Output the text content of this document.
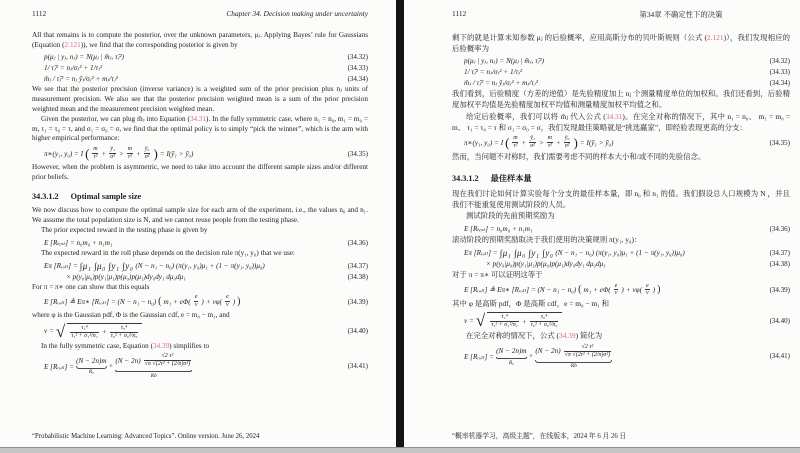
1112	Chapter 34. Decision making under uncertainty
All that remains is to compute the posterior, over the unknown parameters, μⱼ. Applying Bayes’ rule for Gaussians (Equation (2.121)), we find that the corresponding posterior is given by
p(μⱼ | yⱼ, nⱼ) = N(μⱼ | m̂ⱼ, τ̂ⱼ²)	(34.32)
1/ τ̂ⱼ² = nⱼ/σⱼ² + 1/τⱼ²	(34.33)
m̂ⱼ / τ̂ⱼ² = nⱼ ȳⱼ/σⱼ² + mⱼ/τⱼ²	(34.34)
We see that the posterior precision (inverse variance) is a weighted sum of the prior precision plus nⱼ units of measurement precision. We also see that the posterior precision weighted mean is a sum of the prior precision weighted mean and the measurement precision weighted mean.
Given the posterior, we can plug m̂ⱼ into Equation (34.31). In the fully symmetric case, where n₁ = n₀, m₁ = m₀ = m, τ₁ = τ₀ = τ, and σ₁ = σ₀ = σ, we find that the optimal policy is to simply “pick the winner”, which is the arm with higher empirical performance:
π∗(y₁, y₀) = I ( $\frac{m}{\text{τ²}} + \frac{\text{ȳ₁}}{\text{σ²}} > \frac{m}{\text{τ²}} + \frac{\text{ȳ₀}}{\text{σ²}}$ ) = I(ȳ₁ > ȳ₀)	(34.35)
However, when the problem is asymmetric, we need to take into account the different sample sizes and/or different prior beliefs.
34.3.1.2 Optimal sample size
We now discuss how to compute the optimal sample size for each arm of the experiment, i.e., the values n₀ and n₁. We assume the total population size is N, and we cannot reuse people from the testing phase.
The prior expected reward in the testing phase is given by
E [Rₜₑₛₜ] = n₀m₀ + n₁m₁	(34.36)
The expected reward in the roll phase depends on the decision rule π(y₁, y₀) that we use:
Eπ [Rᵣₒₗₗ] = ∫μ₁ ∫μ₀ ∫y₁ ∫y₀ (N − n₁ − n₀) (π(y₁, y₀)μ₁ + (1 − π(y₁, y₀))μ₀)	(34.37)
× p(y₀|μ₀)p(y₁|μ₁)p(μ₀)p(μ₁)dy₀dy₁ dμ₀dμ₁	(34.38)
For π = π∗ one can show that this equals
E [Rᵣₒₗₗ] ≜ Eπ∗ [Rᵣₒₗₗ] = (N − n₁ − n₀) ( $m_1 + e\Phi( \frac{e}{v}$ ) + $v\varphi( \frac{e}{v}$ ) )	(34.39)
where φ is the Gaussian pdf, Φ is the Gaussian cdf, e = m₀ − m₁, and
v = √ $\frac{\text{τ₁⁴}}{\text{τ₁² + σ₁²/n₁}} + \frac{\text{τ₀⁴}}{\text{τ₀² + σ₀²/n₀}}$	(34.40)
In the fully symmetric case, Equation (34.39) simplifies to
E [Rᵣₒₗₗ] =
(N − 2n)m
Rₐ
+
$(N - 2n) \frac{\text{√2 τ²}}{\text{√π √(2τ² + (2/n)σ²)}}$
Rb
(34.41)
“Probabilistic Machine Learning: Advanced Topics”. Online version. June 26, 2024
1112	第34章 不确定性下的决策
剩下的就是计算未知参数 μⱼ 的后验概率，应用高斯分布的贝叶斯规则（公式 (2.121)），我们发现相应的后验概率为
p(μⱼ | yⱼ, nⱼ) = N(μⱼ | m̂ⱼ, τ̂ⱼ²)	(34.32)
1/ τ̂ⱼ² = nⱼ/σⱼ² + 1/τⱼ²	(34.33)
m̂ⱼ / τ̂ⱼ² = nⱼ ȳⱼ/σⱼ² + mⱼ/τⱼ²	(34.34)
我们看到，后验精度（方差的逆值）是先验精度加上 nⱼ 个测量精度单位的加权和。我们还看到，后验精度加权平均值是先验精度加权平均值和测量精度加权平均值之和。
给定后验概率，我们可以将 m̂ⱼ 代入公式 (34.31)。在完全对称的情况下，其中 n₁ = n₀、 m₁ = m₀ = m、 τ₁ = τ₀ = τ 和 σ₁ = σ₀ = σ，我们发现最佳策略就是“挑选赢家”，即经验表现更高的分支：
π∗(y₁, y₀) = I ( $\frac{m}{\text{τ²}} + \frac{\text{ȳ₁}}{\text{σ²}} > \frac{m}{\text{τ²}} + \frac{\text{ȳ₀}}{\text{σ²}}$ ) = I(ȳ₁ > ȳ₀)	(34.35)
然而，当问题不对称时，我们需要考虑不同的样本大小和/或不同的先验信念。
34.3.1.2 最佳样本量
现在我们讨论如何计算实验每个分支的最佳样本量，即 n₀ 和 n₁ 的值。我们假设总人口规模为 N ，并且我们不能重复使用测试阶段的人员。
测试阶段的先前预期奖励为
E [Rₜₑₛₜ] = n₀m₀ + n₁m₁	(34.36)
滚动阶段的预期奖励取决于我们使用的决策规则 π(y₁, y₀)：
Eπ [Rᵣₒₗₗ] = ∫μ₁ ∫μ₀ ∫y₁ ∫y₀ (N − n₁ − n₀) (π(y₁, y₀)μ₁ + (1 − π(y₁, y₀))μ₀)	(34.37)
× p(y₀|μ₀)p(y₁|μ₁)p(μ₀)p(μ₁)dy₀dy₁ dμ₀dμ₁	(34.38)
对于 π = π∗ 可以证明这等于
E [Rᵣₒₗₗ] ≜ Eπ∗ [Rᵣₒₗₗ] = (N − n₁ − n₀) ( $m_1 + e\Phi( \frac{e}{v}$ ) + $v\varphi( \frac{e}{v}$ ) )	(34.39)
其中 φ 是高斯 pdf，Φ 是高斯 cdf，e = m₀ − m₁ 和
v = √ $\frac{\text{τ₁⁴}}{\text{τ₁² + σ₁²/n₁}} + \frac{\text{τ₀⁴}}{\text{τ₀² + σ₀²/n₀}}$	(34.40)
在完全对称的情况下，公式 (34.39) 简化为
E [Rᵣₒₗₗ] =
(N − 2n)m
Rₐ
+
$(N - 2n) \frac{\text{√2 τ²}}{\text{√π √(2τ² + (2/n)σ²)}}$
Rb
(34.41)
“概率机器学习，高级主题”，在线版本，2024 年 6 月 26 日
